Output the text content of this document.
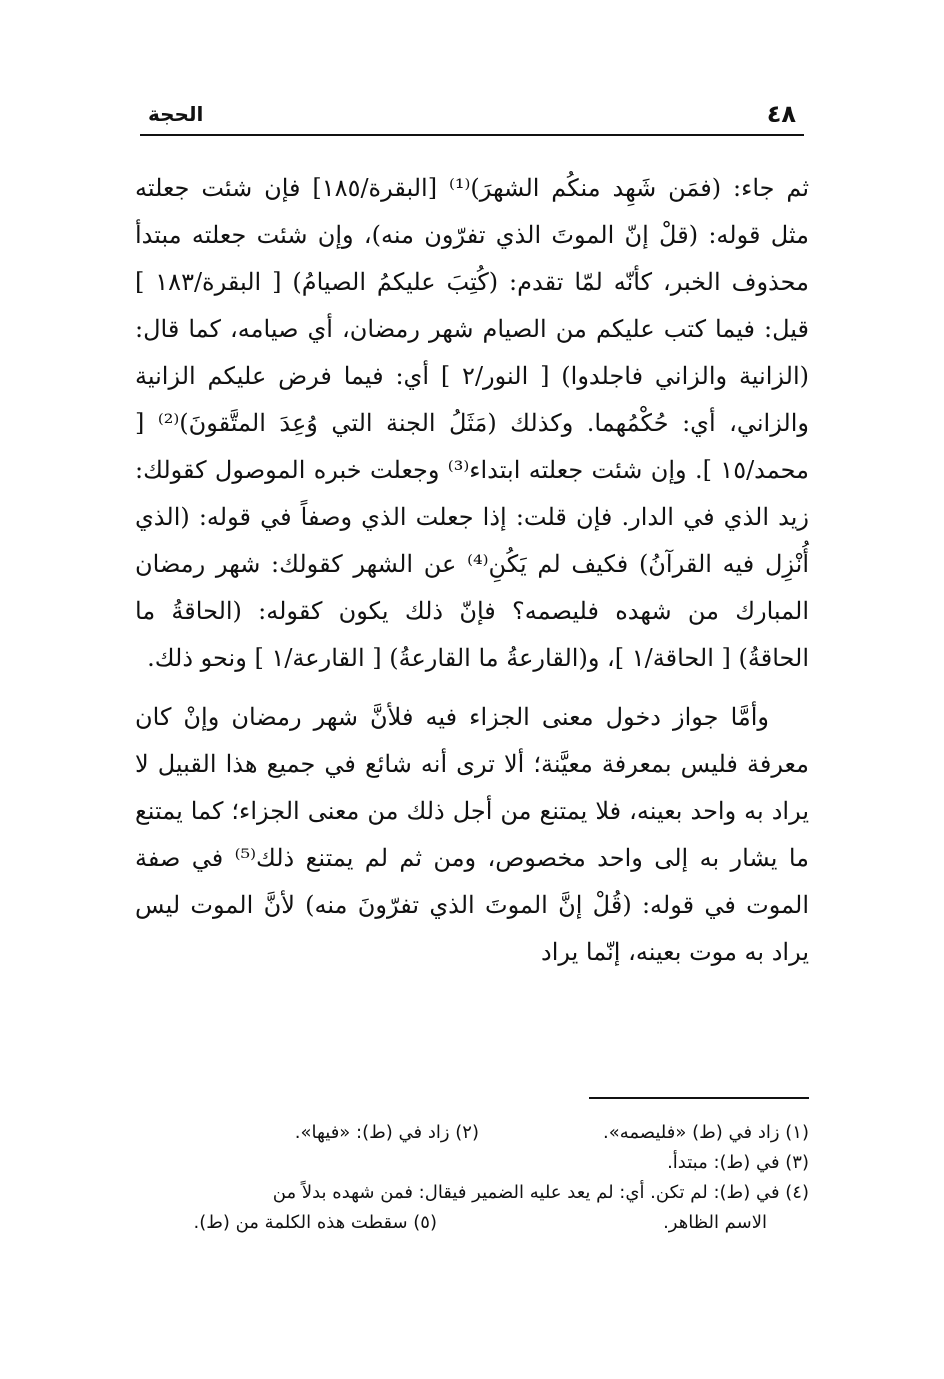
٤٨
الحجة

ثم جاء: (فمَن شَهِد منكُم الشهرَ)⁽¹⁾ [البقرة/١٨٥] فإن شئت جعلته مثل قوله: (قلْ إنّ الموتَ الذي تفرّون منه)، وإن شئت جعلته مبتدأ محذوف الخبر، كأنّه لمّا تقدم: (كُتِبَ عليكمُ الصيامُ) [ البقرة/١٨٣ ] قيل: فيما كتب عليكم من الصيام شهر رمضان، أي صيامه، كما قال: (الزانية والزاني فاجلدوا) [ النور/٢ ] أي: فيما فرض عليكم الزانية والزاني، أي: حُكْمُهما. وكذلك (مَثَلُ الجنة التي وُعِدَ المتَّقونَ)⁽²⁾ [ محمد/١٥ ]. وإن شئت جعلته ابتداء⁽³⁾ وجعلت خبره الموصول كقولك: زيد الذي في الدار. فإن قلت: إذا جعلت الذي وصفاً في قوله: (الذي أُنْزِل فيه القرآنُ) فكيف لم يَكُنِ⁽⁴⁾ عن الشهر كقولك: شهر رمضان المبارك من شهده فليصمه؟ فإنّ ذلك يكون كقوله: (الحاقةُ ما الحاقةُ) [ الحاقة/١ ]، و(القارعةُ ما القارعةُ) [ القارعة/١ ] ونحو ذلك.

وأمَّا جواز دخول معنى الجزاء فيه فلأنَّ شهر رمضان وإنْ كان معرفة فليس بمعرفة معيَّنة؛ ألا ترى أنه شائع في جميع هذا القبيل لا يراد به واحد بعينه، فلا يمتنع من أجل ذلك من معنى الجزاء؛ كما يمتنع ما يشار به إلى واحد مخصوص، ومن ثم لم يمتنع ذلك⁽⁵⁾ في صفة الموت في قوله: (قُلْ إنَّ الموتَ الذي تفرّونَ منه) لأنَّ الموت ليس يراد به موت بعينه، إنّما يراد

(١) زاد في (ط) «فليصمه».
(٢) زاد في (ط): «فيها».
(٣) في (ط): مبتدأ.
(٤) في (ط): لم تكن. أي: لم يعد عليه الضمير فيقال: فمن شهده بدلاً من
الاسم الظاهر.
(٥) سقطت هذه الكلمة من (ط).
